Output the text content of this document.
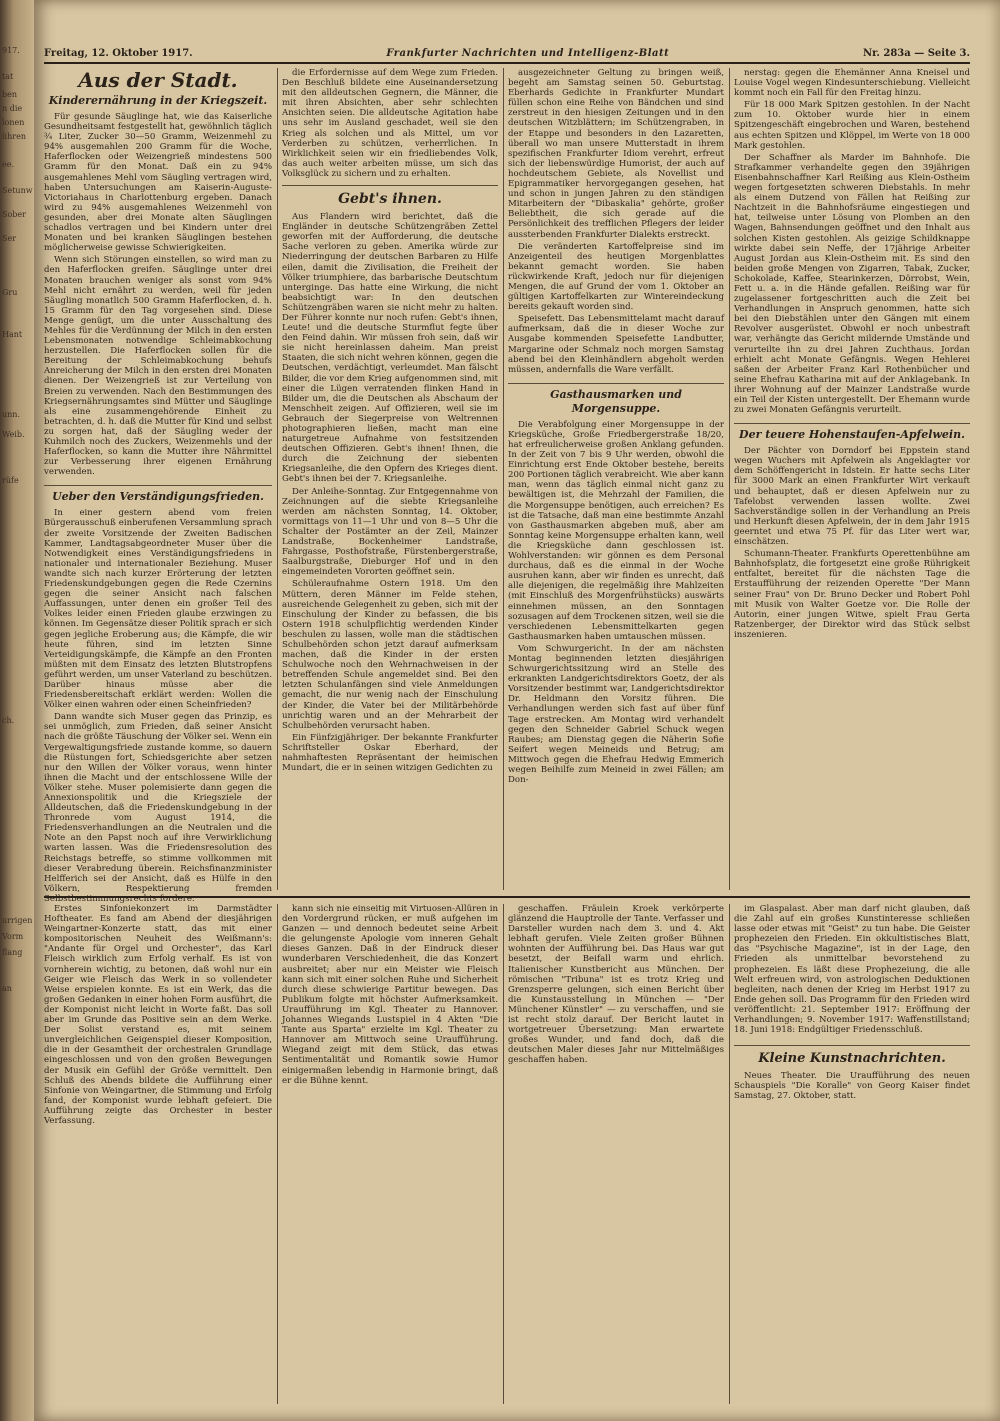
917.
tat
ben
n die
lonen
ühren
ee.
Setunw
Sober
Ser
Gru
Hant
unn.
Weib.
rüfe
ch.
urrigen
Vorm
flang
an
Freitag, 12. Oktober 1917.	Frankfurter Nachrichten und Intelligenz-Blatt	Nr. 283a — Seite 3.
Aus der Stadt.
Kinderernährung in der Kriegszeit.

Für gesunde Säuglinge hat, wie das Kaiserliche Gesundheitsamt festgestellt hat, gewöhnlich täglich ¾ Liter, Zucker 30—50 Gramm, Weizenmehl zu 94% ausgemahlen 200 Gramm für die Woche, Haferflocken oder Weizengrieß mindestens 500 Gramm für den Monat. Daß ein zu 94% ausgemahlenes Mehl vom Säugling vertragen wird, haben Untersuchungen am Kaiserin-Auguste-Victoriahaus in Charlottenburg ergeben. Danach wird zu 94% ausgemahlenes Weizenmehl von gesunden, aber drei Monate alten Säuglingen schadlos vertragen und bei Kindern unter drei Monaten und bei kranken Säuglingen bestehen möglicherweise gewisse Schwierigkeiten.

Wenn sich Störungen einstellen, so wird man zu den Haferflocken greifen. Säuglinge unter drei Monaten brauchen weniger als sonst vom 94% Mehl nicht ernährt zu werden, weil für jeden Säugling monatlich 500 Gramm Haferflocken, d. h. 15 Gramm für den Tag vorgesehen sind. Diese Menge genügt, um die unter Ausschaltung des Mehles für die Verdünnung der Milch in den ersten Lebensmonaten notwendige Schleimabkochung herzustellen. Die Haferflocken sollen für die Bereitung der Schleimabkochung behufs Anreicherung der Milch in den ersten drei Monaten dienen. Der Weizengrieß ist zur Verteilung von Breien zu verwenden. Nach den Bestimmungen des Kriegsernährungsamtes sind Mütter und Säuglinge als eine zusammengehörende Einheit zu betrachten, d. h. daß die Mutter für Kind und selbst zu sorgen hat, daß der Säugling weder der Kuhmilch noch des Zuckers, Weizenmehls und der Haferflocken, so kann die Mutter ihre Nährmittel zur Verbesserung ihrer eigenen Ernährung verwenden.

Ueber den Verständigungsfrieden.

In einer gestern abend vom freien Bürgerausschuß einberufenen Versammlung sprach der zweite Vorsitzende der Zweiten Badischen Kammer, Landtagsabgeordneter Muser über die Notwendigkeit eines Verständigungsfriedens in nationaler und internationaler Beziehung. Muser wandte sich nach kurzer Erörterung der letzten Friedenskundgebungen gegen die Rede Czernins gegen die seiner Ansicht nach falschen Auffassungen, unter denen ein großer Teil des Volkes leider einen Frieden glaube erzwingen zu können. Im Gegensätze dieser Politik sprach er sich gegen jegliche Eroberung aus; die Kämpfe, die wir heute führen, sind im letzten Sinne Verteidigungskämpfe, die Kämpfe an den Fronten müßten mit dem Einsatz des letzten Blutstropfens geführt werden, um unser Vaterland zu beschützen. Darüber hinaus müsse aber die Friedensbereitschaft erklärt werden: Wollen die Völker einen wahren oder einen Scheinfrieden?

Dann wandte sich Muser gegen das Prinzip, es sei unmöglich, zum Frieden, daß seiner Ansicht nach die größte Täuschung der Völker sei. Wenn ein Vergewaltigungsfriede zustande komme, so dauern die Rüstungen fort, Schiedsgerichte aber setzen nur den Willen der Völker voraus, wenn hinter ihnen die Macht und der entschlossene Wille der Völker stehe. Muser polemisierte dann gegen die Annexionspolitik und die Kriegsziele der Alldeutschen, daß die Friedenskundgebung in der Thronrede vom August 1914, die Friedensverhandlungen an die Neutralen und die Note an den Papst noch auf ihre Verwirklichung warten lassen. Was die Friedensresolution des Reichstags betreffe, so stimme vollkommen mit dieser Verabredung überein. Reichsfinanzminister Helfferich sei der Ansicht, daß es Hülfe in den Völkern, Respektierung fremden Selbstbestimmungsrechts fordere.

die Erfordernisse auf dem Wege zum Frieden. Den Beschluß bildete eine Auseinandersetzung mit den alldeutschen Gegnern, die Männer, die mit ihren Absichten, aber sehr schlechten Ansichten seien. Die alldeutsche Agitation habe uns sehr im Ausland geschadet, weil sie den Krieg als solchen und als Mittel, um vor Verderben zu schützen, verherrlichen. In Wirklichkeit seien wir ein friedliebendes Volk, das auch weiter arbeiten müsse, um sich das Volksglück zu sichern und zu erhalten.

Gebt's ihnen.

Aus Flandern wird berichtet, daß die Engländer in deutsche Schützengräben Zettel geworfen mit der Aufforderung, die deutsche Sache verloren zu geben. Amerika würde zur Niederringung der deutschen Barbaren zu Hilfe eilen, damit die Zivilisation, die Freiheit der Völker triumphiere, das barbarische Deutschtum unterginge. Das hatte eine Wirkung, die nicht beabsichtigt war: In den deutschen Schützengräben waren sie nicht mehr zu halten. Der Führer konnte nur noch rufen: Gebt's ihnen, Leute! und die deutsche Sturmflut fegte über den Feind dahin. Wir müssen froh sein, daß wir sie nicht hereinlassen daheim. Man preist Staaten, die sich nicht wehren können, gegen die Deutschen, verdächtigt, verleumdet. Man fälscht Bilder, die vor dem Krieg aufgenommen sind, mit einer die Lügen verratenden flinken Hand in Bilder um, die die Deutschen als Abschaum der Menschheit zeigen. Auf Offizieren, weil sie im Gebrauch der Siegerpreise von Weltrennen photographieren ließen, macht man eine naturgetreue Aufnahme von festsitzenden deutschen Offizieren. Gebt's ihnen! Ihnen, die durch die Zeichnung der siebenten Kriegsanleihe, die den Opfern des Krieges dient. Gebt's ihnen bei der 7. Kriegsanleihe.

Der Anleihe-Sonntag. Zur Entgegennahme von Zeichnungen auf die siebte Kriegsanleihe werden am nächsten Sonntag, 14. Oktober, vormittags von 11—1 Uhr und von 8—5 Uhr die Schalter der Postämter an der Zeil, Mainzer Landstraße, Bockenheimer Landstraße, Fahrgasse, Posthofstraße, Fürstenbergerstraße, Saalburgstraße, Dieburger Hof und in den eingemeindeten Vororten geöffnet sein.

Schüleraufnahme Ostern 1918. Um den Müttern, deren Männer im Felde stehen, ausreichende Gelegenheit zu geben, sich mit der Einschulung der Kinder zu befassen, die bis Ostern 1918 schulpflichtig werdenden Kinder beschulen zu lassen, wolle man die städtischen Schulbehörden schon jetzt darauf aufmerksam machen, daß die Kinder in der ersten Schulwoche noch den Wehrnachweisen in der betreffenden Schule angemeldet sind. Bei den letzten Schulanfängen sind viele Anmeldungen gemacht, die nur wenig nach der Einschulung der Kinder, die Vater bei der Militärbehörde unrichtig waren und an der Mehrarbeit der Schulbehörden verursacht haben.

Ein Fünfzigjähriger. Der bekannte Frankfurter Schriftsteller Oskar Eberhard, der nahmhaftesten Repräsentant der heimischen Mundart, die er in seinen witzigen Gedichten zu

ausgezeichneter Geltung zu bringen weiß, begeht am Samstag seinen 50. Geburtstag. Eberhards Gedichte in Frankfurter Mundart füllen schon eine Reihe von Bändchen und sind zerstreut in den hiesigen Zeitungen und in den deutschen Witzblättern; im Schützengraben, in der Etappe und besonders in den Lazaretten, überall wo man unsere Mutterstadt in ihrem spezifischen Frankfurter Idiom verehrt, erfreut sich der liebenswürdige Humorist, der auch auf hochdeutschem Gebiete, als Novellist und Epigrammatiker hervorgegangen gesehen, hat und schon in jungen Jahren zu den ständigen Mitarbeitern der "Dibaskalia" gehörte, großer Beliebtheit, die sich gerade auf die Persönlichkeit des trefflichen Pflegers der leider aussterbenden Frankfurter Dialekts erstreckt.

Die veränderten Kartoffelpreise sind im Anzeigenteil des heutigen Morgenblattes bekannt gemacht worden. Sie haben rückwirkende Kraft, jedoch nur für diejenigen Mengen, die auf Grund der vom 1. Oktober an gültigen Kartoffelkarten zur Wintereindeckung bereits gekauft worden sind.

Speisefett. Das Lebensmittelamt macht darauf aufmerksam, daß die in dieser Woche zur Ausgabe kommenden Speisefette Landbutter, Margarine oder Schmalz noch morgen Samstag abend bei den Kleinhändlern abgeholt werden müssen, andernfalls die Ware verfällt.

Gasthausmarken und Morgensuppe.

Die Verabfolgung einer Morgensuppe in der Kriegsküche, Große Friedbergerstraße 18/20, hat erfreulicherweise großen Anklang gefunden. In der Zeit von 7 bis 9 Uhr werden, obwohl die Einrichtung erst Ende Oktober bestehe, bereits 200 Portionen täglich verabreicht. Wie aber kann man, wenn das täglich einmal nicht ganz zu bewältigen ist, die Mehrzahl der Familien, die die Morgensuppe benötigen, auch erreichen? Es ist die Tatsache, daß man eine bestimmte Anzahl von Gasthausmarken abgeben muß, aber am Sonntag keine Morgensuppe erhalten kann, weil die Kriegsküche dann geschlossen ist. Wohlverstanden: wir gönnen es dem Personal durchaus, daß es die einmal in der Woche ausruhen kann, aber wir finden es unrecht, daß alle diejenigen, die regelmäßig ihre Mahlzeiten (mit Einschluß des Morgenfrühstücks) auswärts einnehmen müssen, an den Sonntagen sozusagen auf dem Trockenen sitzen, weil sie die verschiedenen Lebensmittelkarten gegen Gasthausmarken haben umtauschen müssen.

Vom Schwurgericht. In der am nächsten Montag beginnenden letzten diesjährigen Schwurgerichtssitzung wird an Stelle des erkrankten Landgerichtsdirektors Goetz, der als Vorsitzender bestimmt war, Landgerichtsdirektor Dr. Heldmann den Vorsitz führen. Die Verhandlungen werden sich fast auf über fünf Tage erstrecken. Am Montag wird verhandelt gegen den Schneider Gabriel Schuck wegen Raubes; am Dienstag gegen die Näherin Sofie Seifert wegen Meineids und Betrug; am Mittwoch gegen die Ehefrau Hedwig Emmerich wegen Beihilfe zum Meineid in zwei Fällen; am Don-

nerstag: gegen die Ehemänner Anna Kneisel und Louise Vogel wegen Kindesunterschiebung. Vielleicht kommt noch ein Fall für den Freitag hinzu.

Für 18 000 Mark Spitzen gestohlen. In der Nacht zum 10. Oktober wurde hier in einem Spitzengeschäft eingebrochen und Waren, bestehend aus echten Spitzen und Klöppel, im Werte von 18 000 Mark gestohlen.

Der Schaffner als Marder im Bahnhofe. Die Strafkammer verhandelte gegen den 39jährigen Eisenbahnschaffner Karl Reißing aus Klein-Ostheim wegen fortgesetzten schweren Diebstahls. In mehr als einem Dutzend von Fällen hat Reißing zur Nachtzeit in die Bahnhofsräume eingestiegen und hat, teilweise unter Lösung von Plomben an den Wagen, Bahnsendungen geöffnet und den Inhalt aus solchen Kisten gestohlen. Als geizige Schildknappe wirkte dabei sein Neffe, der 17jährige Arbeiter August Jordan aus Klein-Ostheim mit. Es sind den beiden große Mengen von Zigarren, Tabak, Zucker, Schokolade, Kaffee, Stearinkerzen, Dörrobst, Wein, Fett u. a. in die Hände gefallen. Reißing war für zugelassener fortgeschritten auch die Zeit bei Verhandlungen in Anspruch genommen, hatte sich bei den Diebstählen unter den Gängen mit einem Revolver ausgerüstet. Obwohl er noch unbestraft war, verhängte das Gericht mildernde Umstände und verurteilte ihn zu drei Jahren Zuchthaus. Jordan erhielt acht Monate Gefängnis. Wegen Hehlerei saßen der Arbeiter Franz Karl Rothenbücher und seine Ehefrau Katharina mit auf der Anklagebank. In ihrer Wohnung auf der Mainzer Landstraße wurde ein Teil der Kisten untergestellt. Der Ehemann wurde zu zwei Monaten Gefängnis verurteilt.

Der teuere Hohenstaufen-Apfelwein.

Der Pächter von Dorndorf bei Eppstein stand wegen Wuchers mit Apfelwein als Angeklagter vor dem Schöffengericht in Idstein. Er hatte sechs Liter für 3000 Mark an einen Frankfurter Wirt verkauft und behauptet, daß er diesen Apfelwein nur zu Tafelobst verwenden lassen wollte. Zwei Sachverständige sollen in der Verhandlung an Preis und Herkunft diesen Apfelwein, der in dem Jahr 1915 geerntet und etwa 75 Pf. für das Liter wert war, einschätzen.

Schumann-Theater. Frankfurts Operettenbühne am Bahnhofsplatz, die fortgesetzt eine große Rührigkeit entfaltet, bereitet für die nächsten Tage die Erstaufführung der reizenden Operette "Der Mann seiner Frau" von Dr. Bruno Decker und Robert Pohl mit Musik von Walter Goetze vor. Die Rolle der Autorin, einer jungen Witwe, spielt Frau Gerta Ratzenberger, der Direktor wird das Stück selbst inszenieren.

Erstes Sinfoniekonzert im Darmstädter Hoftheater. Es fand am Abend der diesjährigen Weingartner-Konzerte statt, das mit einer kompositorischen Neuheit des Weißmann's: "Andante für Orgel und Orchester", das Karl Fleisch wirklich zum Erfolg verhalf. Es ist von vornherein wichtig, zu betonen, daß wohl nur ein Geiger wie Fleisch das Werk in so vollendeter Weise erspielen konnte. Es ist ein Werk, das die großen Gedanken in einer hohen Form ausführt, die der Komponist nicht leicht in Worte faßt. Das soll aber im Grunde das Positive sein an dem Werke. Der Solist verstand es, mit seinem unvergleichlichen Geigenspiel dieser Komposition, die in der Gesamtheit der orchestralen Grundlage eingeschlossen und von den großen Bewegungen der Musik ein Gefühl der Größe vermittelt. Den Schluß des Abends bildete die Aufführung einer Sinfonie von Weingartner, die Stimmung und Erfolg fand, der Komponist wurde lebhaft gefeiert. Die Aufführung zeigte das Orchester in bester Verfassung.

kann sich nie einseitig mit Virtuosen-Allüren in den Vordergrund rücken, er muß aufgehen im Ganzen — und dennoch bedeutet seine Arbeit die gelungenste Apologie vom inneren Gehalt dieses Ganzen. Daß in der Eindruck dieser wunderbaren Verschiedenheit, die das Konzert ausbreitet; aber nur ein Meister wie Fleisch kann sich mit einer solchen Ruhe und Sicherheit durch diese schwierige Partitur bewegen. Das Publikum folgte mit höchster Aufmerksamkeit. Uraufführung im Kgl. Theater zu Hannover. Johannes Wiegands Lustspiel in 4 Akten "Die Tante aus Sparta" erzielte im Kgl. Theater zu Hannover am Mittwoch seine Uraufführung. Wiegand zeigt mit dem Stück, das etwas Sentimentalität und Romantik sowie Humor einigermaßen lebendig in Harmonie bringt, daß er die Bühne kennt.

geschaffen. Fräulein Kroek verkörperte glänzend die Hauptrolle der Tante. Verfasser und Darsteller wurden nach dem 3. und 4. Akt lebhaft gerufen. Viele Zeiten großer Bühnen wohnten der Aufführung bei. Das Haus war gut besetzt, der Beifall warm und ehrlich. Italienischer Kunstbericht aus München. Der römischen "Tribuna" ist es trotz Krieg und Grenzsperre gelungen, sich einen Bericht über die Kunstausstellung in München — "Der Münchener Künstler" — zu verschaffen, und sie ist recht stolz darauf. Der Bericht lautet in wortgetreuer Übersetzung: Man erwartete großes Wunder, und fand doch, daß die deutschen Maler dieses Jahr nur Mittelmäßiges geschaffen haben.

im Glaspalast. Aber man darf nicht glauben, daß die Zahl auf ein großes Kunstinteresse schließen lasse oder etwas mit "Geist" zu tun habe. Die Geister prophezeien den Frieden. Ein okkultistisches Blatt, das "Psychische Magazine", ist in der Lage, den Frieden als unmittelbar bevorstehend zu prophezeien. Es läßt diese Prophezeiung, die alle Welt erfreuen wird, von astrologischen Deduktionen begleiten, nach denen der Krieg im Herbst 1917 zu Ende gehen soll. Das Programm für den Frieden wird veröffentlicht: 21. September 1917: Eröffnung der Verhandlungen; 9. November 1917: Waffenstillstand; 18. Juni 1918: Endgültiger Friedensschluß.

Kleine Kunstnachrichten.

Neues Theater. Die Uraufführung des neuen Schauspiels "Die Koralle" von Georg Kaiser findet Samstag, 27. Oktober, statt.
